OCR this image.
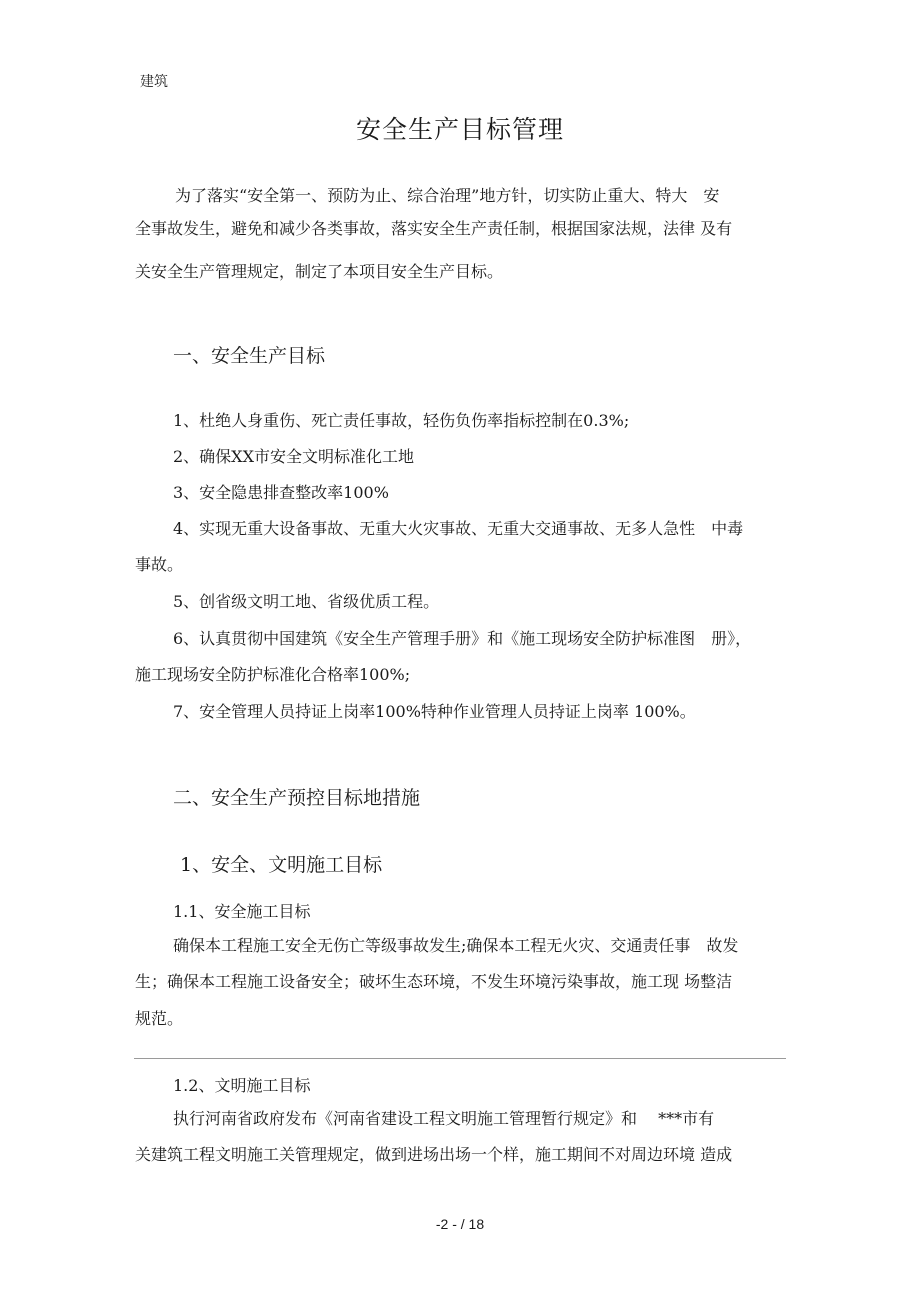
建筑
安全生产目标管理
为了落实“安全第一、预防为止、综合治理”地方针，切实防止重大、特大　安
全事故发生，避免和减少各类事故，落实安全生产责任制，根据国家法规，法律 及有
关安全生产管理规定，制定了本项目安全生产目标。
一、安全生产目标
1、杜绝人身重伤、死亡责任事故，轻伤负伤率指标控制在0.3%;
2、确保XX市安全文明标准化工地
3、安全隐患排查整改率100%
4、实现无重大设备事故、无重大火灾事故、无重大交通事故、无多人急性　中毒
事故。
5、创省级文明工地、省级优质工程。
6、认真贯彻中国建筑《安全生产管理手册》和《施工现场安全防护标准图　册》，
施工现场安全防护标准化合格率100%;
7、安全管理人员持证上岗率100%特种作业管理人员持证上岗率 100%。
二、安全生产预控目标地措施
1、安全、文明施工目标
1.1、安全施工目标
确保本工程施工安全无伤亡等级事故发生;确保本工程无火灾、交通责任事　故发
生；确保本工程施工设备安全；破坏生态环境，不发生环境污染事故，施工现 场整洁
规范。
1.2、文明施工目标
执行河南省政府发布《河南省建设工程文明施工管理暂行规定》和　 ***市有
关建筑工程文明施工关管理规定，做到进场出场一个样，施工期间不对周边环境 造成
-2 - / 18
